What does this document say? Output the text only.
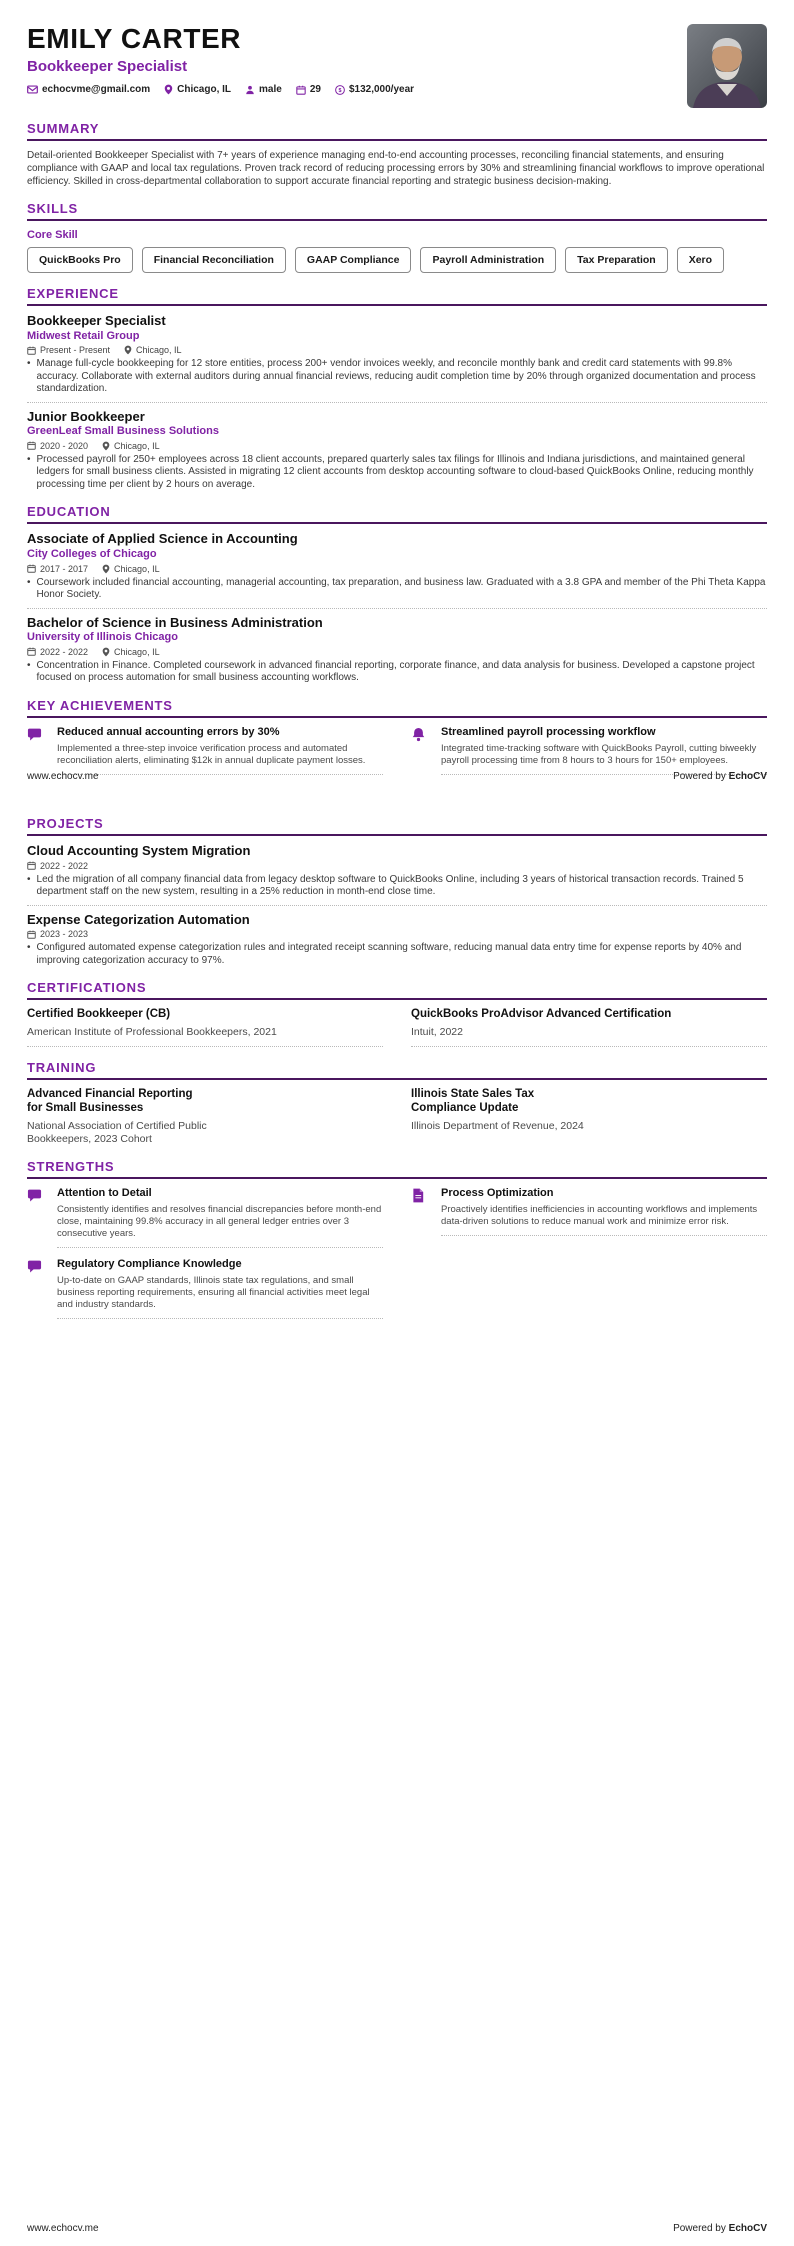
EMILY CARTER
Bookkeeper Specialist
echocvme@gmail.com	Chicago, IL	male	29 $ $132,000/year
SUMMARY

Detail-oriented Bookkeeper Specialist with 7+ years of experience managing end-to-end accounting processes, reconciling financial statements, and ensuring compliance with GAAP and local tax regulations. Proven track record of reducing processing errors by 30% and streamlining financial workflows to improve operational efficiency. Skilled in cross-departmental collaboration to support accurate financial reporting and strategic business decision-making.

SKILLS
Core Skill
QuickBooks Pro	Financial Reconciliation	GAAP Compliance	Payroll Administration	Tax Preparation	Xero
EXPERIENCE
Bookkeeper Specialist
Midwest Retail Group
Present - Present	Chicago, IL
• Manage full-cycle bookkeeping for 12 store entities, process 200+ vendor invoices weekly, and reconcile monthly bank and credit card statements with 99.8% accuracy. Collaborate with external auditors during annual financial reviews, reducing audit completion time by 20% through organized documentation and process standardization.
Junior Bookkeeper
GreenLeaf Small Business Solutions
2020 - 2020	Chicago, IL
• Processed payroll for 250+ employees across 18 client accounts, prepared quarterly sales tax filings for Illinois and Indiana jurisdictions, and maintained general ledgers for small business clients. Assisted in migrating 12 client accounts from desktop accounting software to cloud-based QuickBooks Online, reducing monthly processing time per client by 2 hours on average.
EDUCATION
Associate of Applied Science in Accounting
City Colleges of Chicago
2017 - 2017	Chicago, IL
• Coursework included financial accounting, managerial accounting, tax preparation, and business law. Graduated with a 3.8 GPA and member of the Phi Theta Kappa Honor Society.
Bachelor of Science in Business Administration
University of Illinois Chicago
2022 - 2022	Chicago, IL
• Concentration in Finance. Completed coursework in advanced financial reporting, corporate finance, and data analysis for business. Developed a capstone project focused on process automation for small business accounting workflows.
KEY ACHIEVEMENTS
Reduced annual accounting errors by 30%
Implemented a three-step invoice verification process and automated reconciliation alerts, eliminating $12k in annual duplicate payment losses.
Streamlined payroll processing workflow
Integrated time-tracking software with QuickBooks Payroll, cutting biweekly payroll processing time from 8 hours to 3 hours for 150+ employees.
www.echocv.me	Powered by EchoCV
PROJECTS
Cloud Accounting System Migration
2022 - 2022
• Led the migration of all company financial data from legacy desktop software to QuickBooks Online, including 3 years of historical transaction records. Trained 5 department staff on the new system, resulting in a 25% reduction in month-end close time.
Expense Categorization Automation
2023 - 2023
• Configured automated expense categorization rules and integrated receipt scanning software, reducing manual data entry time for expense reports by 40% and improving categorization accuracy to 97%.
CERTIFICATIONS
Certified Bookkeeper (CB)
American Institute of Professional Bookkeepers, 2021
QuickBooks ProAdvisor Advanced Certification
Intuit, 2022
TRAINING
Advanced Financial Reporting for Small Businesses
National Association of Certified Public Bookkeepers, 2023 Cohort
Illinois State Sales Tax Compliance Update
Illinois Department of Revenue, 2024
STRENGTHS
Attention to Detail
Consistently identifies and resolves financial discrepancies before month-end close, maintaining 99.8% accuracy in all general ledger entries over 3 consecutive years.
Process Optimization
Proactively identifies inefficiencies in accounting workflows and implements data-driven solutions to reduce manual work and minimize error risk.
Regulatory Compliance Knowledge
Up-to-date on GAAP standards, Illinois state tax regulations, and small business reporting requirements, ensuring all financial activities meet legal and industry standards.
www.echocv.me	Powered by EchoCV
